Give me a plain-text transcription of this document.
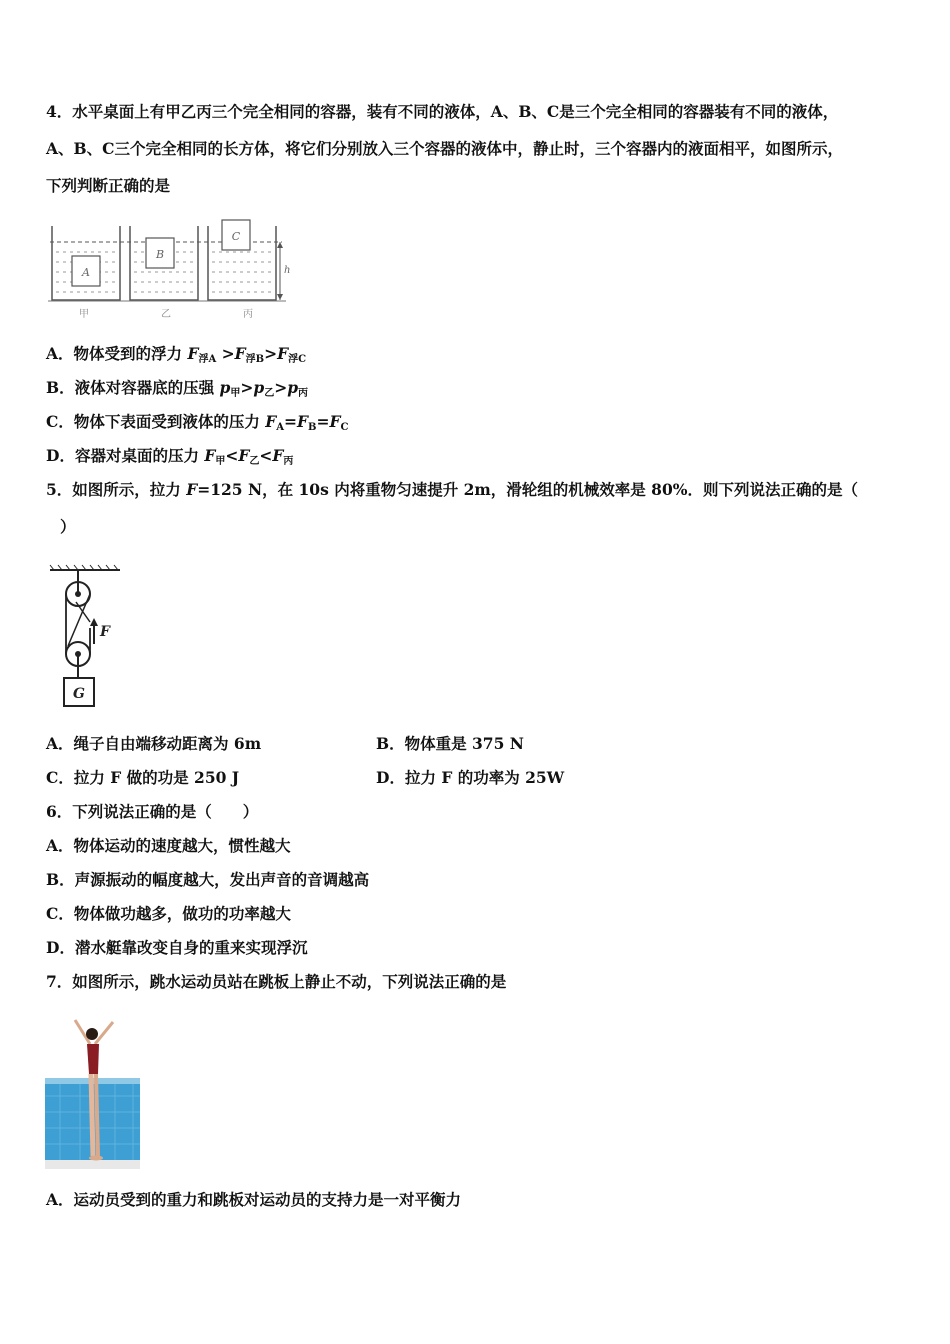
4．水平桌面上有甲乙丙三个完全相同的容器，装有不同的液体，A、B、C是三个完全相同的容器装有不同的液体，
A、B、C三个完全相同的长方体，将它们分别放入三个容器的液体中，静止时，三个容器内的液面相平，如图所示，
下列判断正确的是
A
B
C
h
甲	乙	丙
A．物体受到的浮力 $F_{浮A} >F_{浮B}>F_{浮C}$
B．液体对容器底的压强 $p_甲>p_乙>p_丙$
C．物体下表面受到液体的压力 $F_A=F_B=F_C$
D．容器对桌面的压力 $F_甲<F_乙<F_丙$
5．如图所示，拉力 F=125 N，在 10s 内将重物匀速提升 2m，滑轮组的机械效率是 80%．则下列说法正确的是（
）
F
G
A．绳子自由端移动距离为 6m	B．物体重是 375 N
C．拉力 F 做的功是 250 J	D．拉力 F 的功率为 25W
6．下列说法正确的是（　　）
A．物体运动的速度越大，惯性越大
B．声源振动的幅度越大，发出声音的音调越高
C．物体做功越多，做功的功率越大
D．潜水艇靠改变自身的重来实现浮沉
7．如图所示，跳水运动员站在跳板上静止不动，下列说法正确的是
A．运动员受到的重力和跳板对运动员的支持力是一对平衡力
